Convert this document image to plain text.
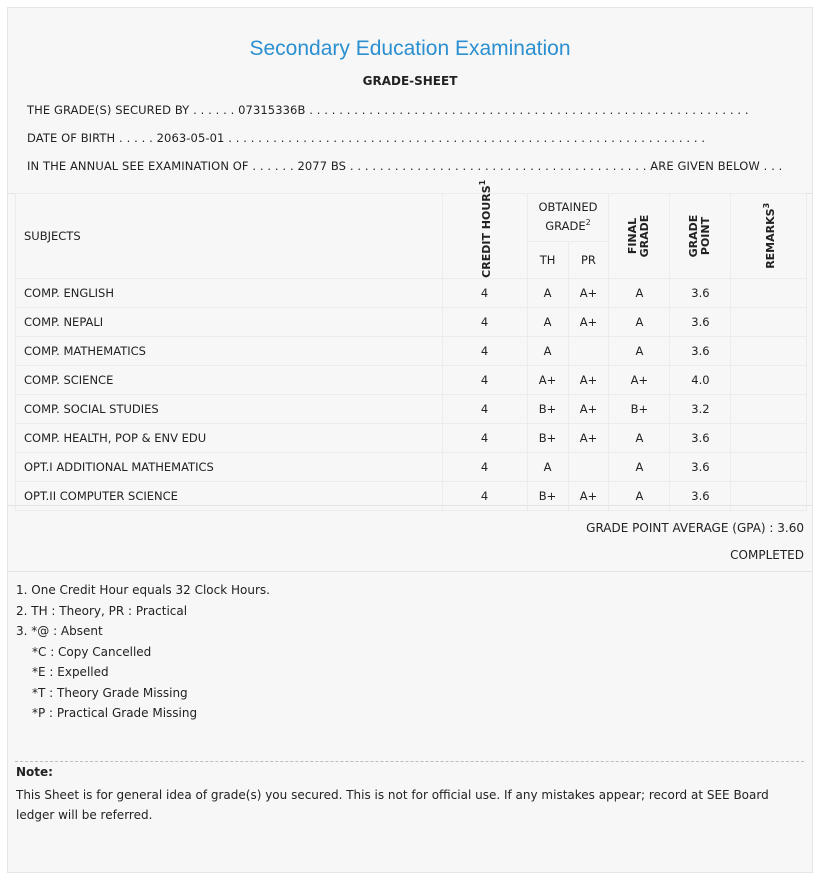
Secondary Education Examination
GRADE-SHEET
THE GRADE(S) SECURED BY . . . . . . 07315336B . . . . . . . . . . . . . . . . . . . . . . . . . . . . . . . . . . . . . . . . . . . . . . . . . . . . . . . . . . .
DATE OF BIRTH . . . . . 2063-05-01 . . . . . . . . . . . . . . . . . . . . . . . . . . . . . . . . . . . . . . . . . . . . . . . . . . . . . . . . . . . . . . . .
IN THE ANNUAL SEE EXAMINATION OF . . . . . . 2077 BS . . . . . . . . . . . . . . . . . . . . . . . . . . . . . . . . . . . . . . . . ARE GIVEN BELOW . . .
SUBJECTS	CREDIT HOURS$^1$	OBTAINED GRADE$^2$		FINAL GRADE	GRADE POINT	REMARKS$^3$

		TH	PR			
COMP. ENGLISH	4	A	A+	A	3.6	
COMP. NEPALI	4	A	A+	A	3.6	
COMP. MATHEMATICS	4	A		A	3.6	
COMP. SCIENCE	4	A+	A+	A+	4.0	
COMP. SOCIAL STUDIES	4	B+	A+	B+	3.2	
COMP. HEALTH, POP & ENV EDU	4	B+	A+	A	3.6	
OPT.I ADDITIONAL MATHEMATICS	4	A		A	3.6	
OPT.II COMPUTER SCIENCE	4	B+	A+	A	3.6	
GRADE POINT AVERAGE (GPA) : 3.60
COMPLETED
1. One Credit Hour equals 32 Clock Hours.
2. TH : Theory, PR : Practical
3. *@ : Absent
*C : Copy Cancelled
*E : Expelled
*T : Theory Grade Missing
*P : Practical Grade Missing
Note:
This Sheet is for general idea of grade(s) you secured. This is not for official use. If any mistakes appear; record at SEE Board ledger will be referred.
